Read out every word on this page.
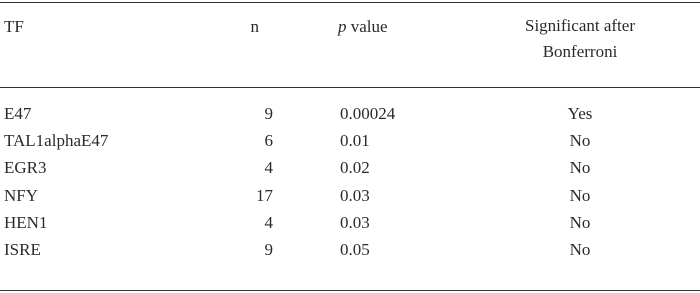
TF	n	p value	Significant after
Bonferroni
E47	9	0.00024	Yes
TAL1alphaE47	6	0.01	No
EGR3	4	0.02	No
NFY	17	0.03	No
HEN1	4	0.03	No
ISRE	9	0.05	No
